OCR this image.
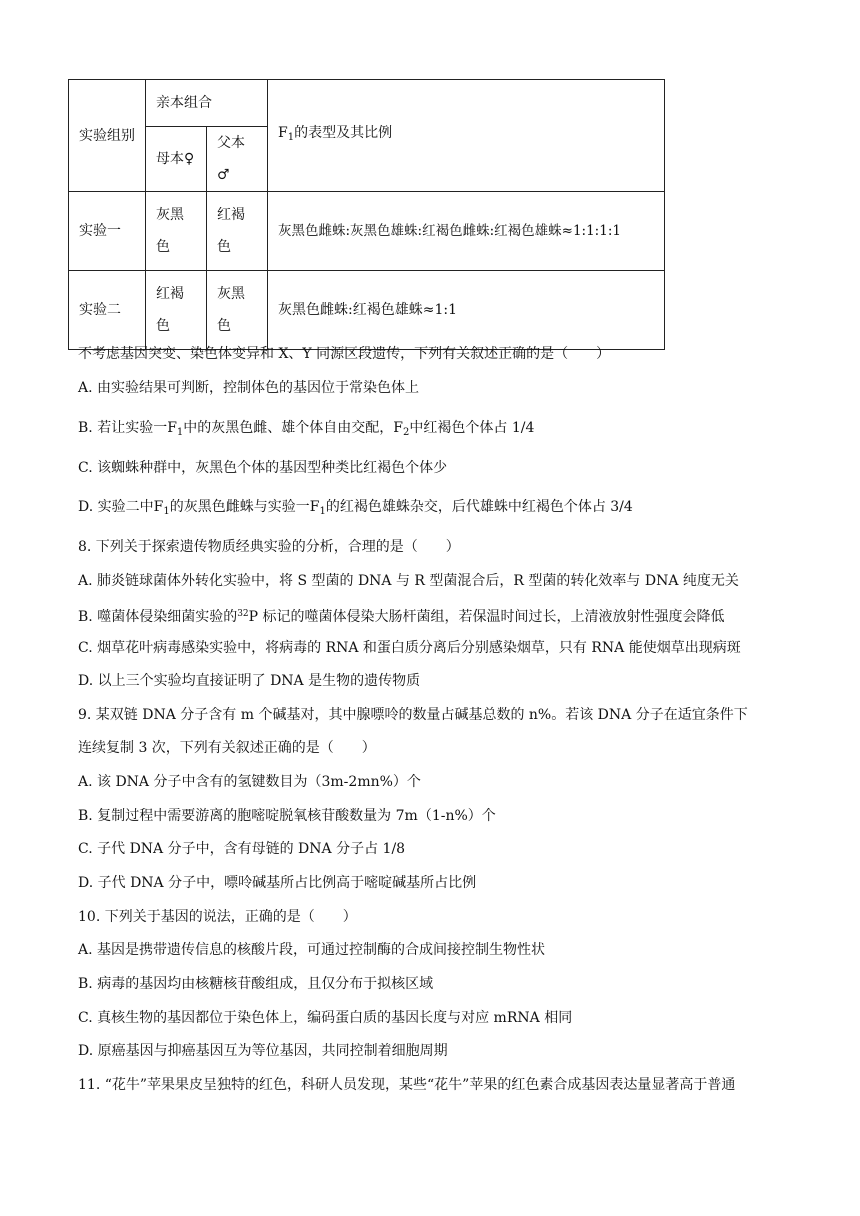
实验组别	亲本组合		$F_1$的表型及其比例
	母本♀	父本♂	
实验一	灰黑色	红褐色	灰黑色雌蛛:灰黑色雄蛛:红褐色雌蛛:红褐色雄蛛≈1:1:1:1
实验二	红褐色	灰黑色	灰黑色雌蛛:红褐色雄蛛≈1:1
不考虑基因突变、染色体变异和 X、Y 同源区段遗传，下列有关叙述正确的是（　　）
A. 由实验结果可判断，控制体色的基因位于常染色体上
B. 若让实验一$F_1$中的灰黑色雌、雄个体自由交配，$F_2$中红褐色个体占 1/4
C. 该蜘蛛种群中，灰黑色个体的基因型种类比红褐色个体少
D. 实验二中$F_1$的灰黑色雌蛛与实验一$F_1$的红褐色雄蛛杂交，后代雄蛛中红褐色个体占 3/4
8. 下列关于探索遗传物质经典实验的分析，合理的是（　　）
A. 肺炎链球菌体外转化实验中，将 S 型菌的 DNA 与 R 型菌混合后，R 型菌的转化效率与 DNA 纯度无关
B. 噬菌体侵染细菌实验的$^{32}$P 标记的噬菌体侵染大肠杆菌组，若保温时间过长，上清液放射性强度会降低
C. 烟草花叶病毒感染实验中，将病毒的 RNA 和蛋白质分离后分别感染烟草，只有 RNA 能使烟草出现病斑
D. 以上三个实验均直接证明了 DNA 是生物的遗传物质
9. 某双链 DNA 分子含有 m 个碱基对，其中腺嘌呤的数量占碱基总数的 n%。若该 DNA 分子在适宜条件下
连续复制 3 次，下列有关叙述正确的是（　　）
A. 该 DNA 分子中含有的氢键数目为（3m-2mn%）个
B. 复制过程中需要游离的胞嘧啶脱氧核苷酸数量为 7m（1-n%）个
C. 子代 DNA 分子中，含有母链的 DNA 分子占 1/8
D. 子代 DNA 分子中，嘌呤碱基所占比例高于嘧啶碱基所占比例
10. 下列关于基因的说法，正确的是（　　）
A. 基因是携带遗传信息的核酸片段，可通过控制酶的合成间接控制生物性状
B. 病毒的基因均由核糖核苷酸组成，且仅分布于拟核区域
C. 真核生物的基因都位于染色体上，编码蛋白质的基因长度与对应 mRNA 相同
D. 原癌基因与抑癌基因互为等位基因，共同控制着细胞周期
11. “花牛”苹果果皮呈独特的红色，科研人员发现，某些“花牛”苹果的红色素合成基因表达量显著高于普通
